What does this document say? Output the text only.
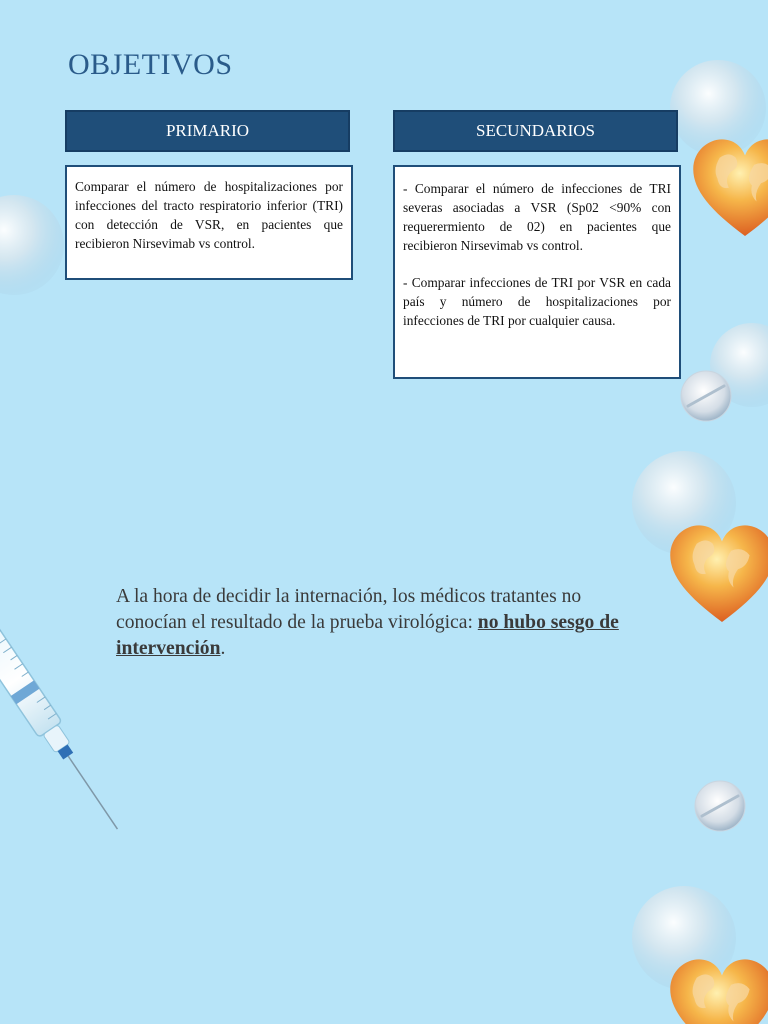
OBJETIVOS
PRIMARIO	SECUNDARIOS

Comparar el número de hospitalizaciones por infecciones del tracto respiratorio inferior (TRI) con detección de VSR, en pacientes que recibieron Nirsevimab vs control.

- Comparar el número de infecciones de TRI severas asociadas a VSR (Sp02 <90% con requerermiento de 02) en pacientes que recibieron Nirsevimab vs control.

- Comparar infecciones de TRI por VSR en cada país y número de hospitalizaciones por infecciones de TRI por cualquier causa.

A la hora de decidir la internación, los médicos tratantes no conocían el resultado de la prueba virológica: no hubo sesgo de intervención.
